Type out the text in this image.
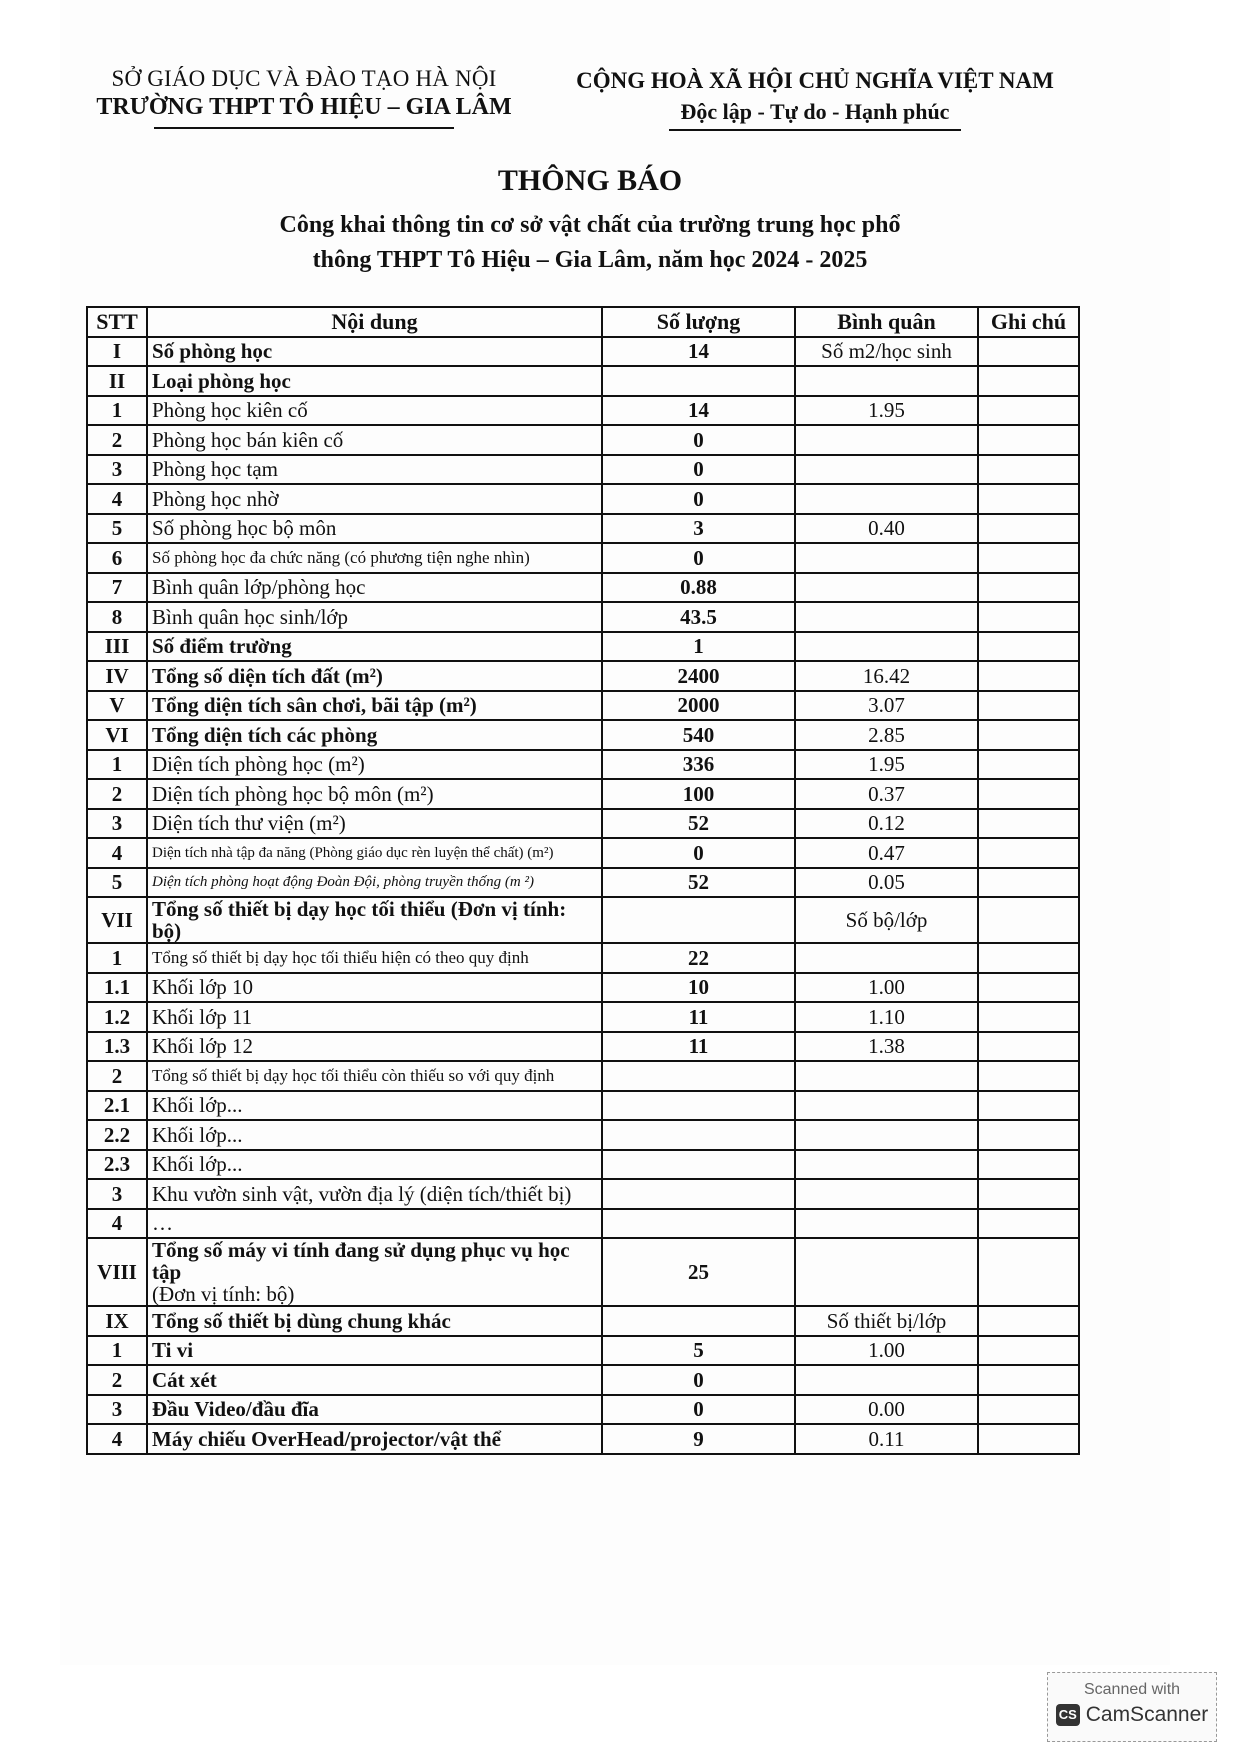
SỞ GIÁO DỤC VÀ ĐÀO TẠO HÀ NỘI
TRƯỜNG THPT TÔ HIỆU – GIA LÂM
CỘNG HOÀ XÃ HỘI CHỦ NGHĨA VIỆT NAM
Độc lập - Tự do - Hạnh phúc
THÔNG BÁO
Công khai thông tin cơ sở vật chất của trường trung học phổ
thông THPT Tô Hiệu – Gia Lâm, năm học 2024 - 2025
STT	Nội dung	Số lượng	Bình quân	Ghi chú
I	Số phòng học	14	Số m2/học sinh	
II	Loại phòng học			

1	Phòng học kiên cố	14	1.95	
2	Phòng học bán kiên cố	0		
3	Phòng học tạm	0		
4	Phòng học nhờ	0		
5	Số phòng học bộ môn	3	0.40	
6	Số phòng học đa chức năng (có phương tiện nghe nhìn)	0		
7	Bình quân lớp/phòng học	0.88		
8	Bình quân học sinh/lớp	43.5		
III	Số điểm trường	1		
IV	Tổng số diện tích đất (m²)	2400	16.42	
V	Tổng diện tích sân chơi, bãi tập (m²)	2000	3.07	
VI	Tổng diện tích các phòng	540	2.85	
1	Diện tích phòng học (m²)	336	1.95	
2	Diện tích phòng học bộ môn (m²)	100	0.37	
3	Diện tích thư viện (m²)	52	0.12	
4	Diện tích nhà tập đa năng (Phòng giáo dục rèn luyện thể chất) (m²)	0	0.47	
5	Diện tích phòng hoạt động Đoàn Đội, phòng truyền thống (m ²)	52	0.05	
VII	Tổng số thiết bị dạy học tối thiểu (Đơn vị tính: bộ)		Số bộ/lớp	
1	Tổng số thiết bị dạy học tối thiểu hiện có theo quy định	22		
1.1	Khối lớp 10	10	1.00	
1.2	Khối lớp 11	11	1.10	
1.3	Khối lớp 12	11	1.38	
2	Tổng số thiết bị dạy học tối thiểu còn thiếu so với quy định			

2.1	Khối lớp...			

2.2	Khối lớp...			

2.3	Khối lớp...			

3	Khu vườn sinh vật, vườn địa lý (diện tích/thiết bị)			

4	…			

VIII	Tổng số máy vi tính đang sử dụng phục vụ học tập
(Đơn vị tính: bộ)	25		
IX	Tổng số thiết bị dùng chung khác		Số thiết bị/lớp	
1	Ti vi	5	1.00	
2	Cát xét	0		
3	Đầu Video/đầu đĩa	0	0.00	
4	Máy chiếu OverHead/projector/vật thể	9	0.11	
Scanned with
CS CamScanner
